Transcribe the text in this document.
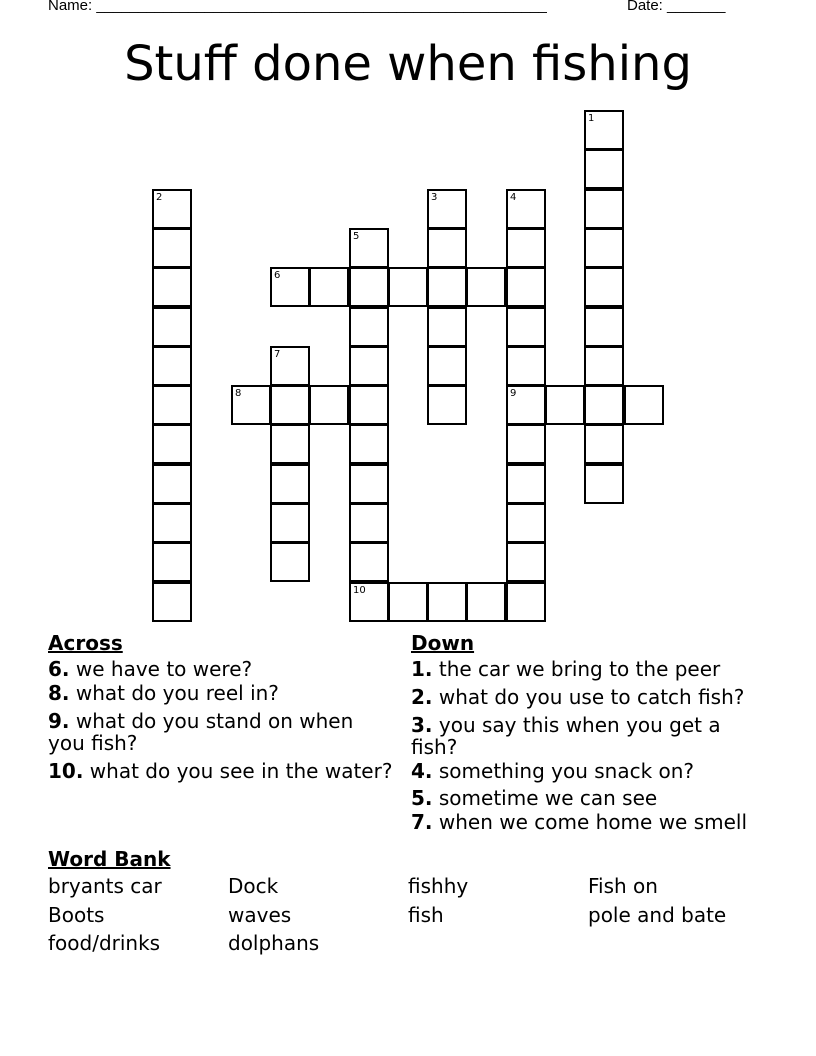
Name: ______________________________________________________	Date: _______
Stuff done when fishing
1
2	3	4
9
5
6
7
8
10
Across
6. we have to were?
8. what do you reel in?
9. what do you stand on when you fish?
10. what do you see in the water?
Down
1. the car we bring to the peer
2. what do you use to catch fish?
3. you say this when you get a fish?
4. something you snack on?
5. sometime we can see
7. when we come home we smell
Word Bank
bryants car	Dock	fishhy	Fish on
Boots	waves	fish	pole and bate
food/drinks	dolphans
